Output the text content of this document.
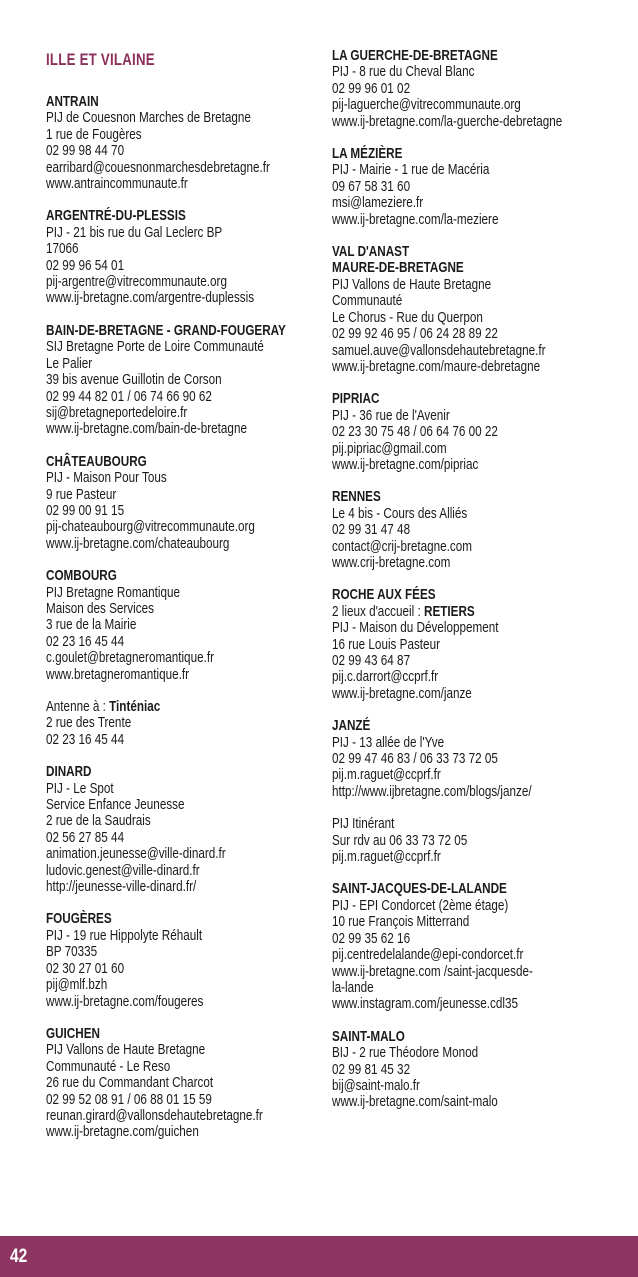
ILLE ET VILAINE
ANTRAIN
PIJ de Couesnon Marches de Bretagne
1 rue de Fougères
02 99 98 44 70
earribard@couesnonmarchesdebretagne.fr
www.antraincommunaute.fr
ARGENTRÉ-DU-PLESSIS
PIJ - 21 bis rue du Gal Leclerc BP
17066
02 99 96 54 01
pij-argentre@vitrecommunaute.org
www.ij-bretagne.com/argentre-duplessis
BAIN-DE-BRETAGNE - GRAND-FOUGERAY
SIJ Bretagne Porte de Loire Communauté
Le Palier
39 bis avenue Guillotin de Corson
02 99 44 82 01 / 06 74 66 90 62
sij@bretagneportedeloire.fr
www.ij-bretagne.com/bain-de-bretagne
CHÂTEAUBOURG
PIJ - Maison Pour Tous
9 rue Pasteur
02 99 00 91 15
pij-chateaubourg@vitrecommunaute.org
www.ij-bretagne.com/chateaubourg
COMBOURG
PIJ Bretagne Romantique
Maison des Services
3 rue de la Mairie
02 23 16 45 44
c.goulet@bretagneromantique.fr
www.bretagneromantique.fr
Antenne à : Tinténiac
2 rue des Trente
02 23 16 45 44
DINARD
PIJ - Le Spot
Service Enfance Jeunesse
2 rue de la Saudrais
02 56 27 85 44
animation.jeunesse@ville-dinard.fr
ludovic.genest@ville-dinard.fr
http://jeunesse-ville-dinard.fr/
FOUGÈRES
PIJ - 19 rue Hippolyte Réhault
BP 70335
02 30 27 01 60
pij@mlf.bzh
www.ij-bretagne.com/fougeres
GUICHEN
PIJ Vallons de Haute Bretagne
Communauté - Le Reso
26 rue du Commandant Charcot
02 99 52 08 91 / 06 88 01 15 59
reunan.girard@vallonsdehautebretagne.fr
www.ij-bretagne.com/guichen
LA GUERCHE-DE-BRETAGNE
PIJ - 8 rue du Cheval Blanc
02 99 96 01 02
pij-laguerche@vitrecommunaute.org
www.ij-bretagne.com/la-guerche-debretagne
LA MÉZIÈRE
PIJ - Mairie - 1 rue de Macéria
09 67 58 31 60
msi@lameziere.fr
www.ij-bretagne.com/la-meziere
VAL D'ANAST
MAURE-DE-BRETAGNE
PIJ Vallons de Haute Bretagne
Communauté
Le Chorus - Rue du Querpon
02 99 92 46 95 / 06 24 28 89 22
samuel.auve@vallonsdehautebretagne.fr
www.ij-bretagne.com/maure-debretagne
PIPRIAC
PIJ - 36 rue de l'Avenir
02 23 30 75 48 / 06 64 76 00 22
pij.pipriac@gmail.com
www.ij-bretagne.com/pipriac
RENNES
Le 4 bis - Cours des Alliés
02 99 31 47 48
contact@crij-bretagne.com
www.crij-bretagne.com
ROCHE AUX FÉES
2 lieux d'accueil : RETIERS
PIJ - Maison du Développement
16 rue Louis Pasteur
02 99 43 64 87
pij.c.darrort@ccprf.fr
www.ij-bretagne.com/janze
JANZÉ
PIJ - 13 allée de l'Yve
02 99 47 46 83 / 06 33 73 72 05
pij.m.raguet@ccprf.fr
http://www.ijbretagne.com/blogs/janze/
PIJ Itinérant
Sur rdv au 06 33 73 72 05
pij.m.raguet@ccprf.fr
SAINT-JACQUES-DE-LALANDE
PIJ - EPI Condorcet (2ème étage)
10 rue François Mitterrand
02 99 35 62 16
pij.centredelalande@epi-condorcet.fr
www.ij-bretagne.com /saint-jacquesde-
la-lande
www.instagram.com/jeunesse.cdl35
SAINT-MALO
BIJ - 2 rue Théodore Monod
02 99 81 45 32
bij@saint-malo.fr
www.ij-bretagne.com/saint-malo
42
